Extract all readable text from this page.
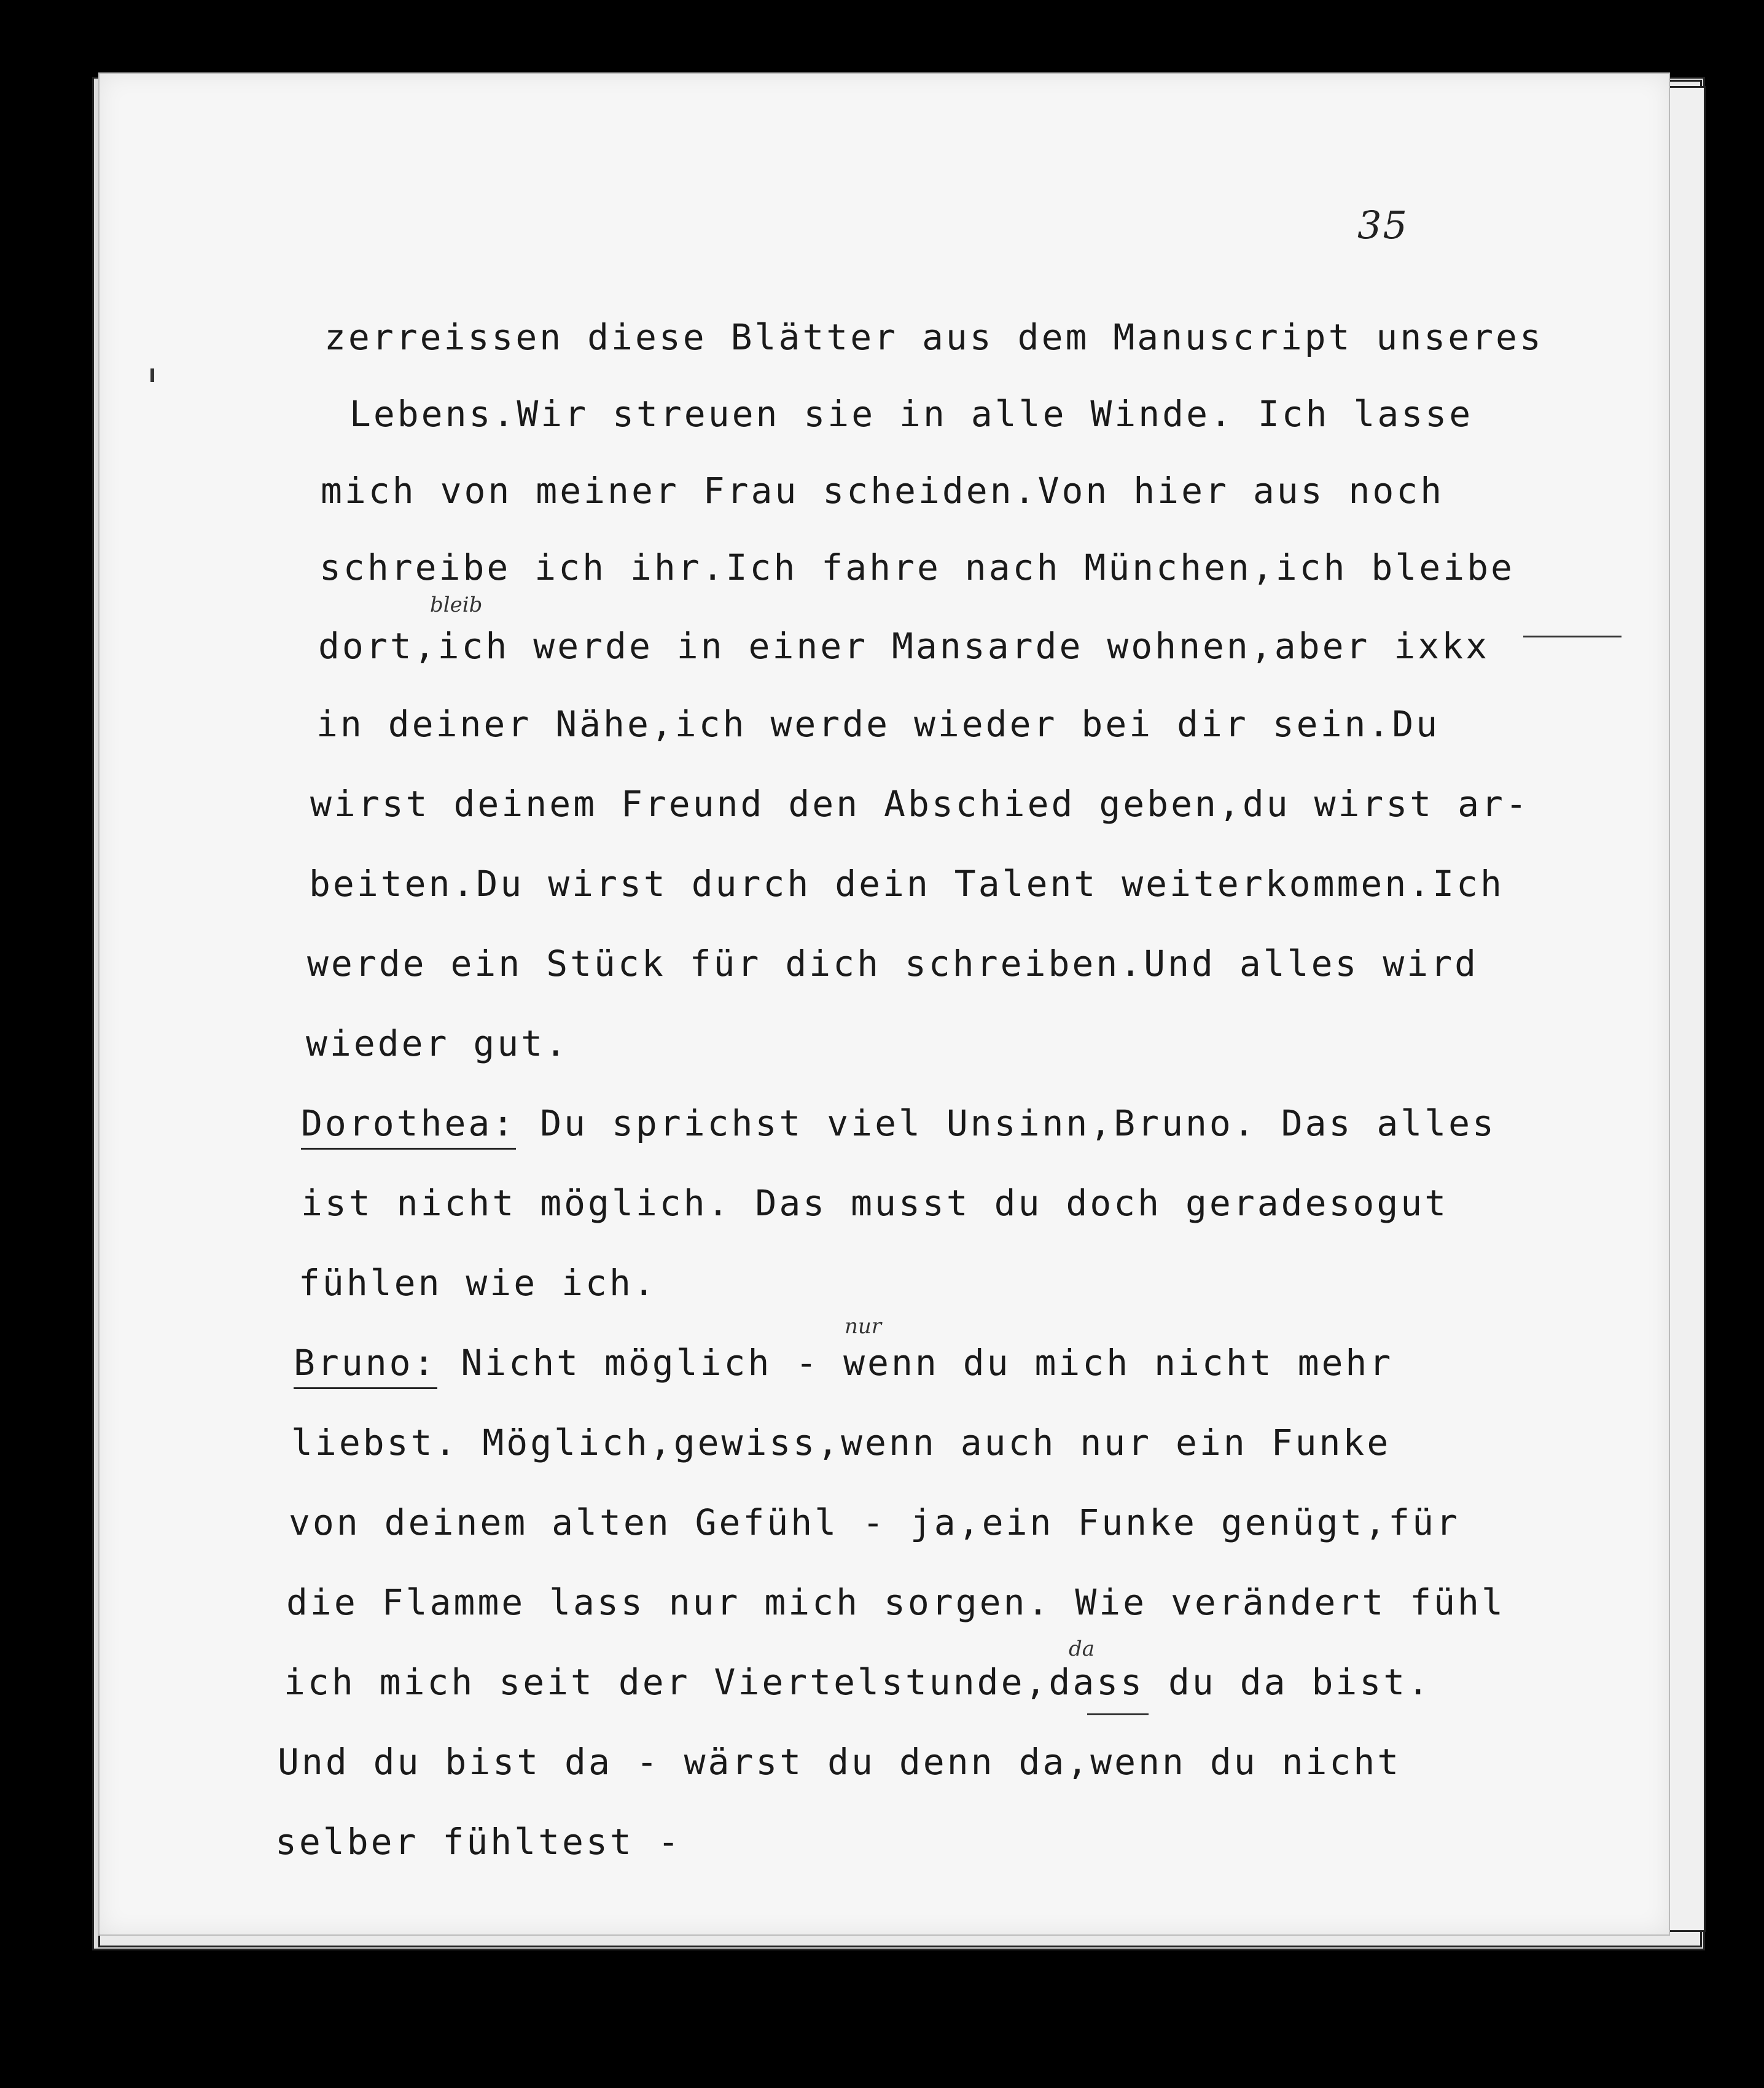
35
zerreissen diese Blätter aus dem Manuscript unseres
Lebens.Wir streuen sie in alle Winde. Ich lasse
mich von meiner Frau scheiden.Von hier aus noch
schreibe ich ihr.Ich fahre nach München,ich bleibe
dort,ich werde in einer Mansarde wohnen,aber ixkx
in deiner Nähe,ich werde wieder bei dir sein.Du
wirst deinem Freund den Abschied geben,du wirst ar-
beiten.Du wirst durch dein Talent weiterkommen.Ich
werde ein Stück für dich schreiben.Und alles wird
wieder gut.
Dorothea: Du sprichst viel Unsinn,Bruno. Das alles
ist nicht möglich. Das musst du doch geradesogut
fühlen wie ich.
Bruno: Nicht möglich - wenn du mich nicht mehr
liebst. Möglich,gewiss,wenn auch nur ein Funke
von deinem alten Gefühl - ja,ein Funke genügt,für
die Flamme lass nur mich sorgen. Wie verändert fühl
ich mich seit der Viertelstunde,dass du da bist.
Und du bist da - wärst du denn da,wenn du nicht
selber fühltest -
bleib
nur
da
